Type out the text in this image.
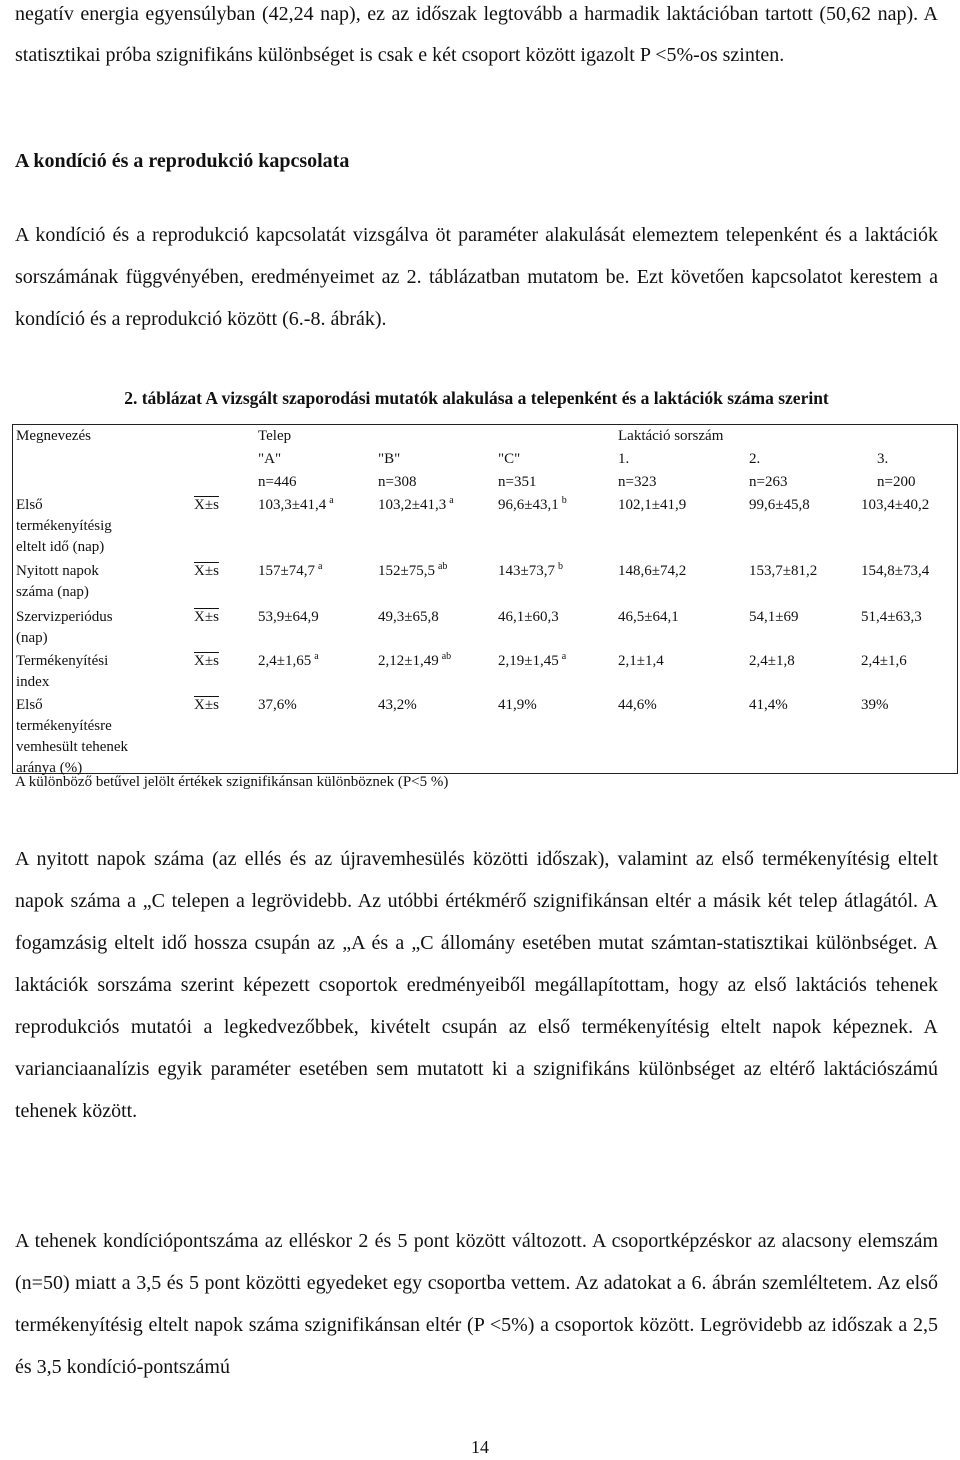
negatív energia egyensúlyban (42,24 nap), ez az időszak legtovább a harmadik laktációban tartott (50,62 nap). A statisztikai próba szignifikáns különbséget is csak e két csoport között igazolt P <5%-os szinten.

A kondíció és a reprodukció kapcsolata

A kondíció és a reprodukció kapcsolatát vizsgálva öt paraméter alakulását elemeztem telepenként és a laktációk sorszámának függvényében, eredményeimet az 2. táblázatban mutatom be. Ezt követően kapcsolatot kerestem a kondíció és a reprodukció között (6.-8. ábrák).

2. táblázat A vizsgált szaporodási mutatók alakulása a telepenként és a laktációk száma szerint

Megnevezés		Telep			Laktáció sorszám		
		"A"	"B"	"C"	1.	2.	3.
		n=446	n=308	n=351	n=323	n=263	n=200

Első
termékenyítésig
eltelt idő (nap)	X±s	103,3±41,4 $^a$	103,2±41,3 $^a$	96,6±43,1 $^b$	102,1±41,9	99,6±45,8	103,4±40,2

Nyitott napok
száma (nap)	X±s	157±74,7 $^a$	152±75,5 $^{ab}$	143±73,7 $^b$	148,6±74,2	153,7±81,2	154,8±73,4

Szervizperiódus
(nap)	X±s	53,9±64,9	49,3±65,8	46,1±60,3	46,5±64,1	54,1±69	51,4±63,3

Termékenyítési
index	X±s	2,4±1,65 $^a$	2,12±1,49 $^{ab}$	2,19±1,45 $^a$	2,1±1,4	2,4±1,8	2,4±1,6

Első
termékenyítésre
vemhesült tehenek
aránya (%)	X±s	37,6%	43,2%	41,9%	44,6%	41,4%	39%

A különböző betűvel jelölt értékek szignifikánsan különböznek (P<5 %)

A nyitott napok száma (az ellés és az újravemhesülés közötti időszak), valamint az első termékenyítésig eltelt napok száma a „C telepen a legrövidebb. Az utóbbi értékmérő szignifikánsan eltér a másik két telep átlagától. A fogamzásig eltelt idő hossza csupán az „A és a „C állomány esetében mutat számtan-statisztikai különbséget. A laktációk sorszáma szerint képezett csoportok eredményeiből megállapítottam, hogy az első laktációs tehenek reprodukciós mutatói a legkedvezőbbek, kivételt csupán az első termékenyítésig eltelt napok képeznek. A varianciaanalízis egyik paraméter esetében sem mutatott ki a szignifikáns különbséget az eltérő laktációszámú tehenek között.

A tehenek kondíciópontszáma az elléskor 2 és 5 pont között változott. A csoportképzéskor az alacsony elemszám (n=50) miatt a 3,5 és 5 pont közötti egyedeket egy csoportba vettem. Az adatokat a 6. ábrán szemléltetem. Az első termékenyítésig eltelt napok száma szignifikánsan eltér (P <5%) a csoportok között. Legrövidebb az időszak a 2,5 és 3,5 kondíció-pontszámú

14
